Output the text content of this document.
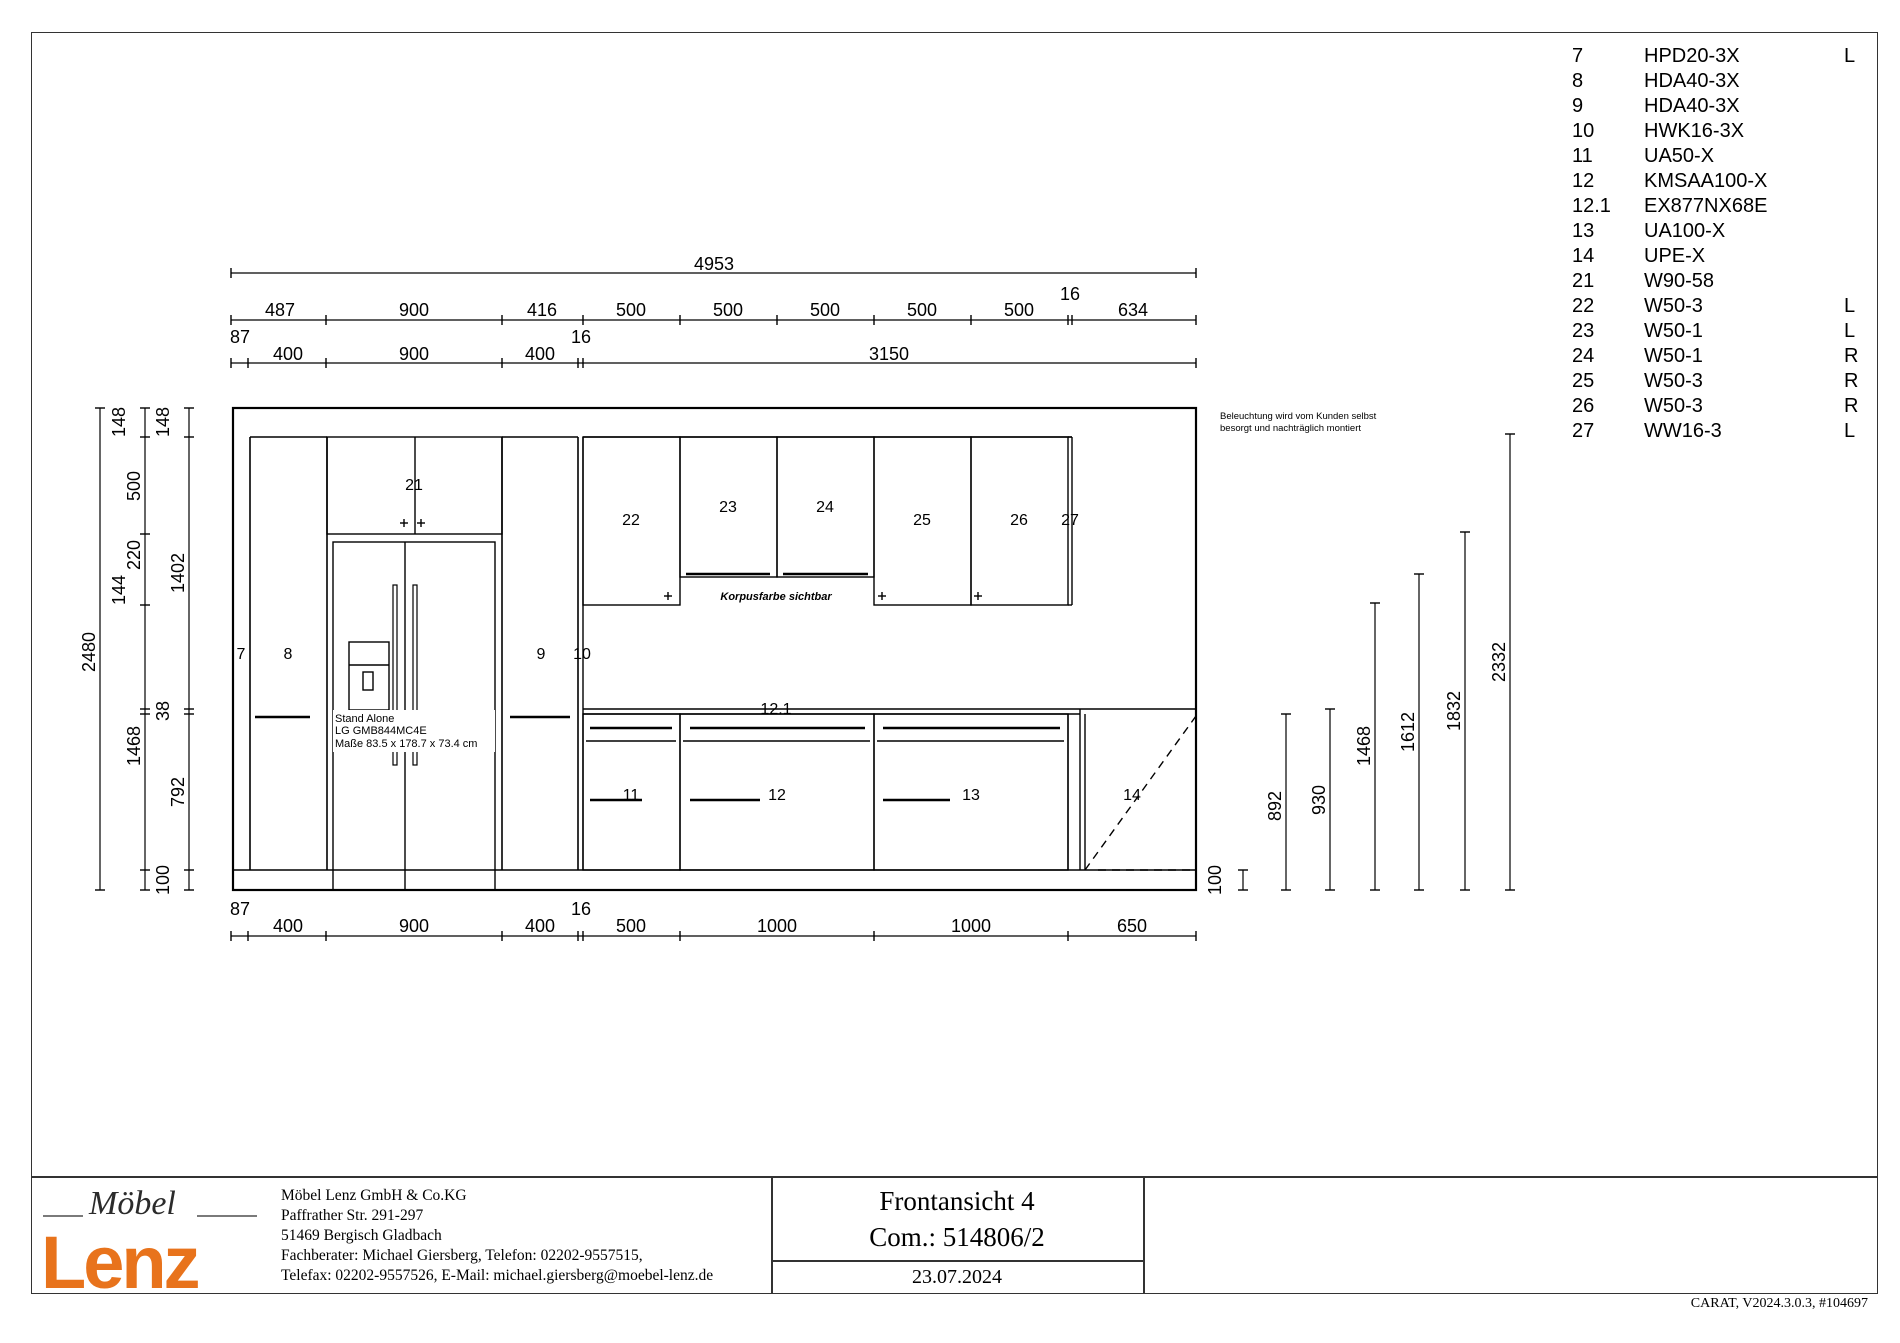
4953
487	900	416	500	500	500	500	500
16
634
87
400	900	400
16
3150
87
400	900	400
16
500	1000	1000	650
148 148
500
220
144 1402
2480
38
1468
792
100	100
892 930
1468 1612
1832
2332
7 8	9 10
11	12
12.1
13	14
21
22
23	24
25	26 27
Stand Alone
LG GMB844MC4E
Maße 83.5 x 178.7 x 73.4 cm
Korpusfarbe sichtbar
Beleuchtung wird vom Kunden selbst
besorgt und nachträglich montiert
7	HPD20-3X	L
8	HDA40-3X
9	HDA40-3X
10	HWK16-3X
11	UA50-X
12	KMSAA100-X
12.1	EX877NX68E
13	UA100-X
14	UPE-X
21	W90-58
22	W50-3	L
23	W50-1	L
24	W50-1	R
25	W50-3	R
26	W50-3	R
27	WW16-3	L
Möbel
Lenz
Möbel Lenz GmbH & Co.KG
Paffrather Str. 291-297
51469 Bergisch Gladbach
Fachberater: Michael Giersberg, Telefon: 02202-9557515,
Telefax: 02202-9557526, E-Mail: michael.giersberg@moebel-lenz.de
Frontansicht 4
Com.: 514806/2
23.07.2024
CARAT, V2024.3.0.3, #104697
